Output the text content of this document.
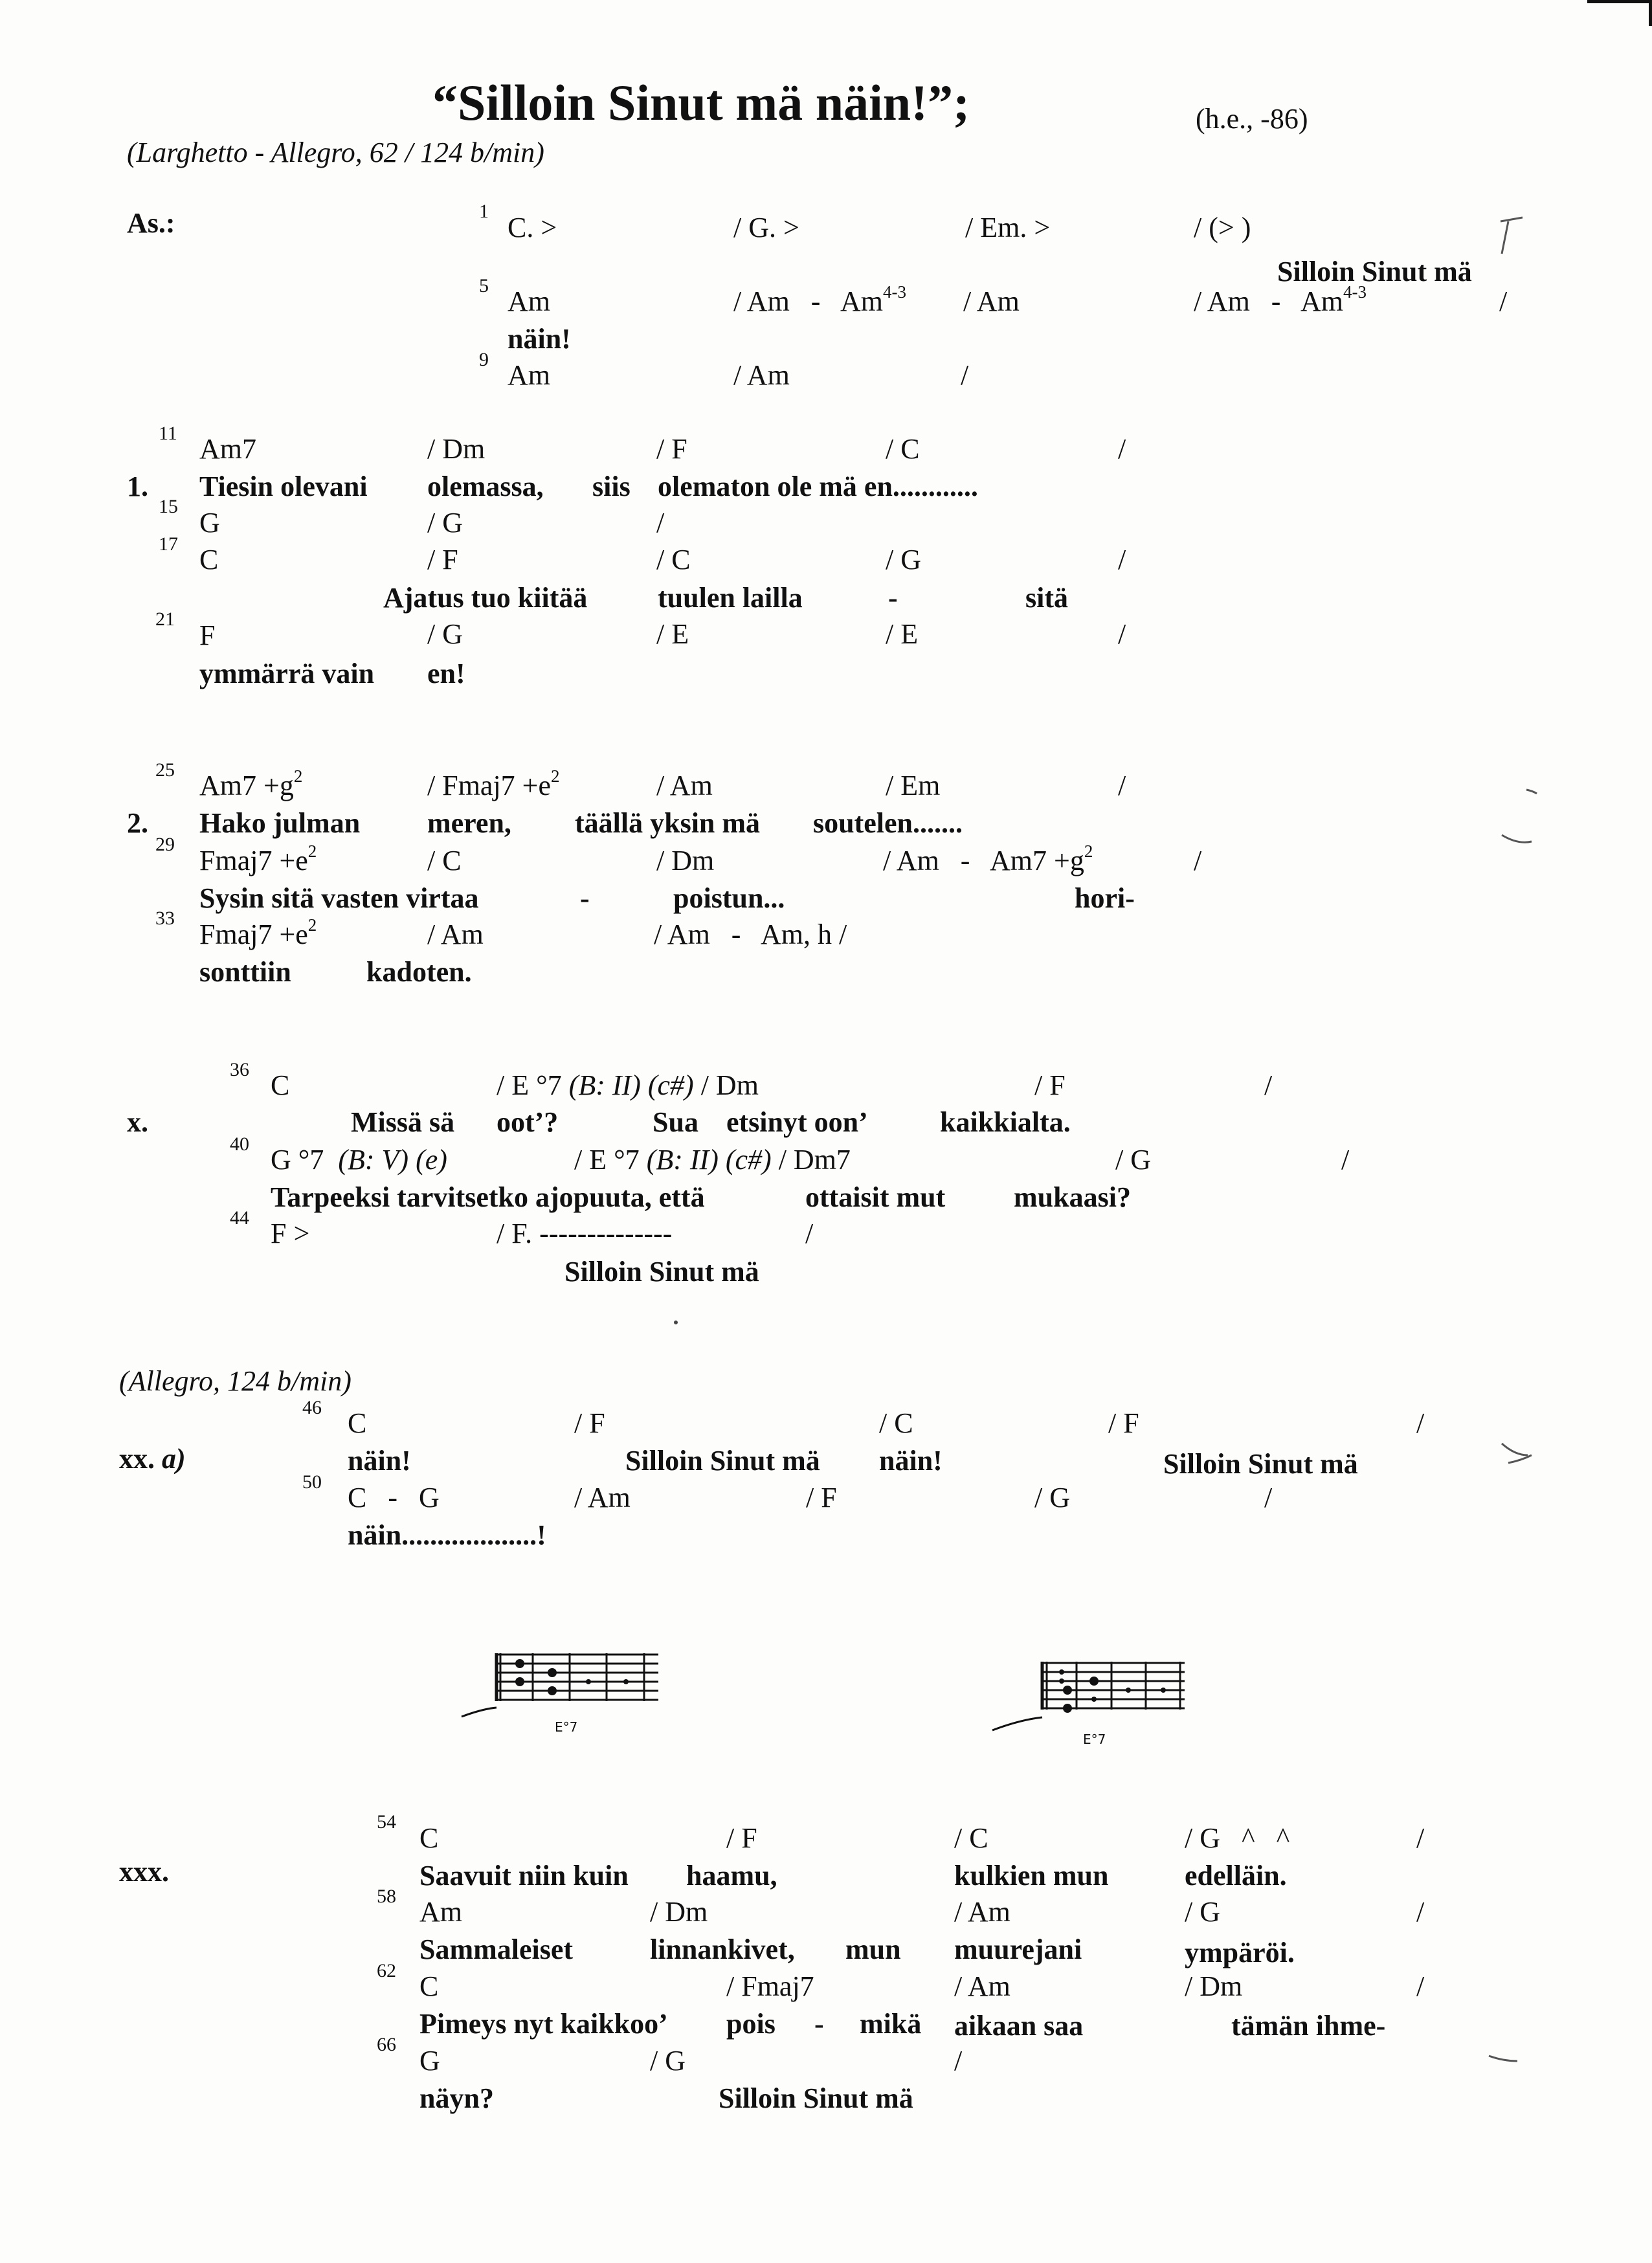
“Silloin Sinut mä näin!”;	(h.e., -86)
(Larghetto - Allegro, 62 / 124 b/min)
As.:	1
C. >	/ G. >	/ Em. >	/ (> )
Silloin Sinut mä
5 Am	/ Am   -   Am$^{4-3}$ / Am	/ Am   -   Am$^{4-3}$	/
näin!
9 Am	/ Am	/
11 Am7	/ Dm	/ F	/ C	/
1. Tiesin olevani olemassa, siis olematon ole mä en............
15
G	/ G	/
17 C	/ F	/ C	/ G	/
Ajatus tuo kiitää tuulen lailla	-	sitä
21
F	/ G	/ E	/ E	/
ymmärrä vain en!
25 $Am7 +g^2$	/ Fmaj7 $+e^2$	/ Am	/ Em	/
2. Hako julman meren, täällä yksin mä soutelen.......
29
Fmaj7 $+e^2$	/ C	/ Dm	/ $Am - Am7 +g^2$	/
Sysin sitä vasten virtaa	-	poistun...	hori-
33
Fmaj7 $+e^2$	/ Am	/ Am   -   Am, h /
sonttiin	kadoten.
36 C	/ E °7 (B: II) (c#) / Dm	/ F	/
x.	Missä sä oot’?	Sua etsinyt oon’	kaikkialta.
40 G °7  (B: V) (e)	/ E °7 (B: II) (c#) / Dm7	/ G	/
Tarpeeksi tarvitsetko ajopuuta, että	ottaisit mut mukaasi?
44 F >	/ F. --------------	/
Silloin Sinut mä
(Allegro, 124 b/min)
46 C	/ F	/ C	/ F	/
xx. a)	näin!	Silloin Sinut mä näin!	Silloin Sinut mä
50 C   -   G	/ Am	/ F	/ G	/
näin...................!
E°7
E°7
54
C	/ F	/ C	/ G   ^   ^	/
xxx.	Saavuit niin kuin haamu,	kulkien mun	edelläin.
58 Am	/ Dm	/ Am	/ G	/
Sammaleiset	linnankivet, mun muurejani	ympäröi.
62 C	/ Fmaj7	/ Am	/ Dm	/
Pimeys nyt kaikkoo’ pois - mikä aikaan saa	tämän ihme-
66
G	/ G	/
näyn?	Silloin Sinut mä
